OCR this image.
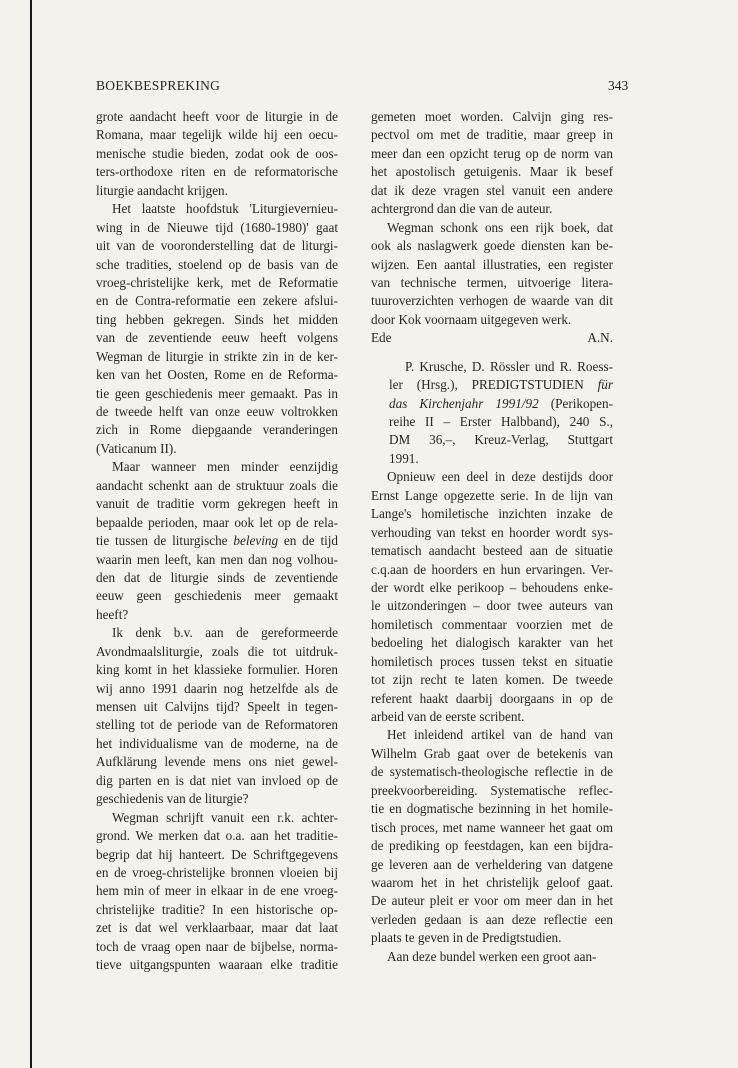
BOEKBESPREKING	343
grote aandacht heeft voor de liturgie in de
Romana, maar tegelijk wilde hij een oecu-
menische studie bieden, zodat ook de oos-
ters-orthodoxe riten en de reformatorische
liturgie aandacht krijgen.
Het laatste hoofdstuk 'Liturgievernieu-
wing in de Nieuwe tijd (1680-1980)' gaat
uit van de vooronderstelling dat de liturgi-
sche tradities, stoelend op de basis van de
vroeg-christelijke kerk, met de Reformatie
en de Contra-reformatie een zekere afslui-
ting hebben gekregen. Sinds het midden
van de zeventiende eeuw heeft volgens
Wegman de liturgie in strikte zin in de ker-
ken van het Oosten, Rome en de Reforma-
tie geen geschiedenis meer gemaakt. Pas in
de tweede helft van onze eeuw voltrokken
zich in Rome diepgaande veranderingen
(Vaticanum II).
Maar wanneer men minder eenzijdig
aandacht schenkt aan de struktuur zoals die
vanuit de traditie vorm gekregen heeft in
bepaalde perioden, maar ook let op de rela-
tie tussen de liturgische beleving en de tijd
waarin men leeft, kan men dan nog volhou-
den dat de liturgie sinds de zeventiende
eeuw geen geschiedenis meer gemaakt
heeft?
Ik denk b.v. aan de gereformeerde
Avondmaalsliturgie, zoals die tot uitdruk-
king komt in het klassieke formulier. Horen
wij anno 1991 daarin nog hetzelfde als de
mensen uit Calvijns tijd? Speelt in tegen-
stelling tot de periode van de Reformatoren
het individualisme van de moderne, na de
Aufklärung levende mens ons niet gewel-
dig parten en is dat niet van invloed op de
geschiedenis van de liturgie?
Wegman schrijft vanuit een r.k. achter-
grond. We merken dat o.a. aan het traditie-
begrip dat hij hanteert. De Schriftgegevens
en de vroeg-christelijke bronnen vloeien bij
hem min of meer in elkaar in de ene vroeg-
christelijke traditie? In een historische op-
zet is dat wel verklaarbaar, maar dat laat
toch de vraag open naar de bijbelse, norma-
tieve uitgangspunten waaraan elke traditie
gemeten moet worden. Calvijn ging res-
pectvol om met de traditie, maar greep in
meer dan een opzicht terug op de norm van
het apostolisch getuigenis. Maar ik besef
dat ik deze vragen stel vanuit een andere
achtergrond dan die van de auteur.
Wegman schonk ons een rijk boek, dat
ook als naslagwerk goede diensten kan be-
wijzen. Een aantal illustraties, een register
van technische termen, uitvoerige litera-
tuuroverzichten verhogen de waarde van dit
door Kok voornaam uitgegeven werk.
Ede	A.N.
P. Krusche, D. Rössler und R. Roess-
ler (Hrsg.), PREDIGTSTUDIEN für
das Kirchenjahr 1991/92 (Perikopen-
reihe II – Erster Halbband), 240 S.,
DM 36,–, Kreuz-Verlag, Stuttgart
1991.
Opnieuw een deel in deze destijds door
Ernst Lange opgezette serie. In de lijn van
Lange's homiletische inzichten inzake de
verhouding van tekst en hoorder wordt sys-
tematisch aandacht besteed aan de situatie
c.q.aan de hoorders en hun ervaringen. Ver-
der wordt elke perikoop – behoudens enke-
le uitzonderingen – door twee auteurs van
homiletisch commentaar voorzien met de
bedoeling het dialogisch karakter van het
homiletisch proces tussen tekst en situatie
tot zijn recht te laten komen. De tweede
referent haakt daarbij doorgaans in op de
arbeid van de eerste scribent.
Het inleidend artikel van de hand van
Wilhelm Grab gaat over de betekenis van
de systematisch-theologische reflectie in de
preekvoorbereiding. Systematische reflec-
tie en dogmatische bezinning in het homile-
tisch proces, met name wanneer het gaat om
de prediking op feestdagen, kan een bijdra-
ge leveren aan de verheldering van datgene
waarom het in het christelijk geloof gaat.
De auteur pleit er voor om meer dan in het
verleden gedaan is aan deze reflectie een
plaats te geven in de Predigtstudien.
Aan deze bundel werken een groot aan-
